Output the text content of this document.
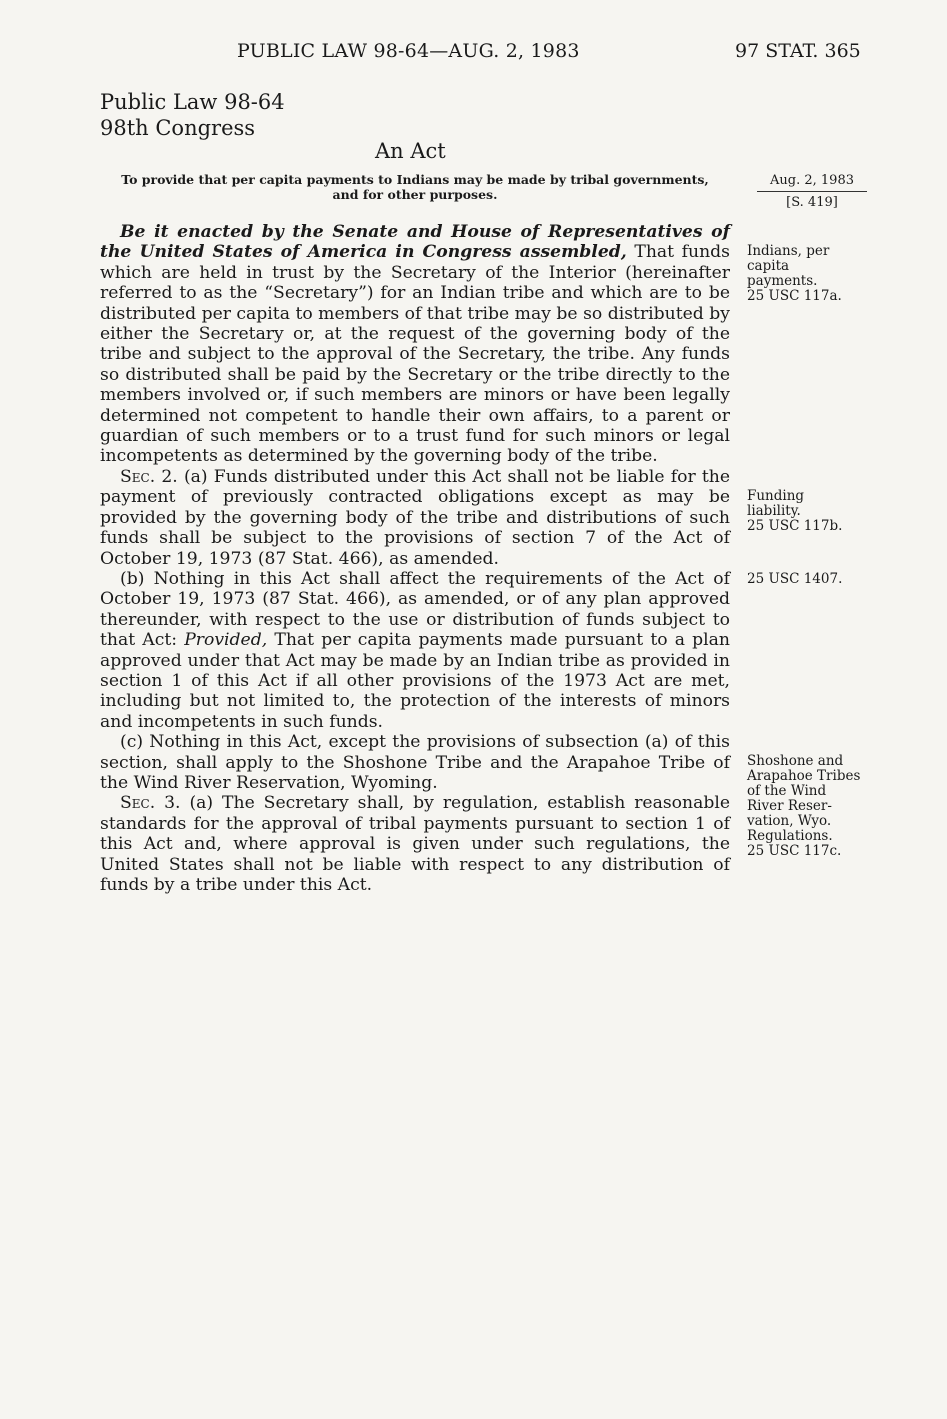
PUBLIC LAW 98-64—AUG. 2, 1983	97 STAT. 365
Public Law 98-64
98th Congress
An Act
To provide that per capita payments to Indians may be made by tribal governments,
and for other purposes.
Aug. 2, 1983
[S. 419]

Be it enacted by the Senate and House of Representatives of the United States of America in Congress assembled, That funds which are held in trust by the Secretary of the Interior (hereinafter referred to as the “Secretary”) for an Indian tribe and which are to be distributed per capita to members of that tribe may be so distributed by either the Secretary or, at the request of the governing body of the tribe and subject to the approval of the Secretary, the tribe. Any funds so distributed shall be paid by the Secretary or the tribe directly to the members involved or, if such members are minors or have been legally determined not competent to handle their own affairs, to a parent or guardian of such members or to a trust fund for such minors or legal incompetents as determined by the governing body of the tribe.

Sec. 2. (a) Funds distributed under this Act shall not be liable for the payment of previously contracted obligations except as may be provided by the governing body of the tribe and distributions of such funds shall be subject to the provisions of section 7 of the Act of October 19, 1973 (87 Stat. 466), as amended.

(b) Nothing in this Act shall affect the requirements of the Act of October 19, 1973 (87 Stat. 466), as amended, or of any plan approved thereunder, with respect to the use or distribution of funds subject to that Act: Provided, That per capita payments made pursuant to a plan approved under that Act may be made by an Indian tribe as provided in section 1 of this Act if all other provisions of the 1973 Act are met, including but not limited to, the protection of the interests of minors and incompetents in such funds.

(c) Nothing in this Act, except the provisions of subsection (a) of this section, shall apply to the Shoshone Tribe and the Arapahoe Tribe of the Wind River Reservation, Wyoming.

Sec. 3. (a) The Secretary shall, by regulation, establish reasonable standards for the approval of tribal payments pursuant to section 1 of this Act and, where approval is given under such regulations, the United States shall not be liable with respect to any distribution of funds by a tribe under this Act.

Indians, per
capita
payments.
25 USC 117a.
Funding
liability.
25 USC 117b.
25 USC 1407.
Shoshone and
Arapahoe Tribes
of the Wind
River Reser-
vation, Wyo.
Regulations.
25 USC 117c.
